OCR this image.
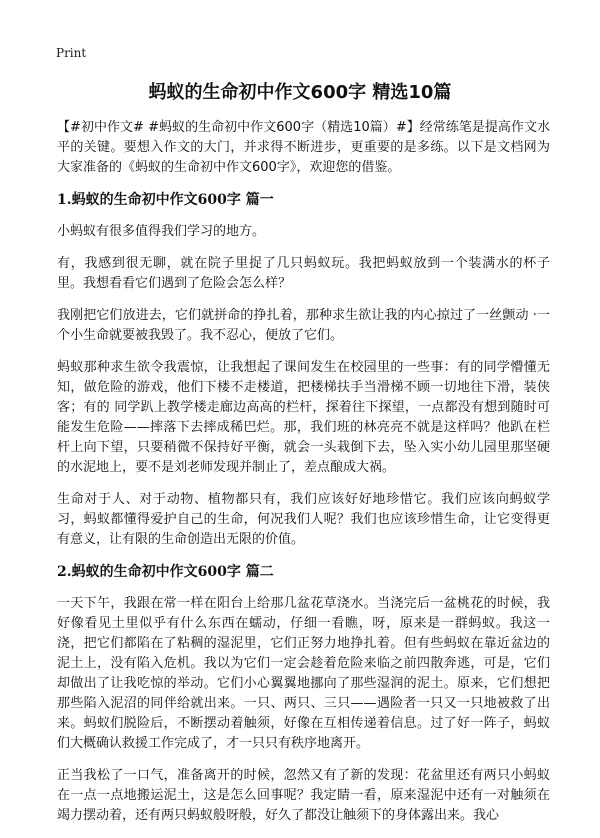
Print
蚂蚁的生命初中作文600字 精选10篇

【#初中作文# #蚂蚁的生命初中作文600字（精选10篇）#】经常练笔是提高作文水平的关键。要想入作文的大门，并求得不断进步，更重要的是多练。以下是文档网为大家准备的《蚂蚁的生命初中作文600字》，欢迎您的借鉴。

1.蚂蚁的生命初中作文600字 篇一

小蚂蚁有很多值得我们学习的地方。

有，我感到很无聊，就在院子里捉了几只蚂蚁玩。我把蚂蚁放到一个装满水的杯子里。我想看看它们遇到了危险会怎么样？

我刚把它们放进去，它们就拼命的挣扎着，那种求生欲让我的内心掠过了一丝颤动 ·一个小生命就要被我毁了。我不忍心，便放了它们。

蚂蚁那种求生欲令我震惊，让我想起了课间发生在校园里的一些事：有的同学懵懂无知，做危险的游戏，他们下楼不走楼道，把楼梯扶手当滑梯不顾一切地往下滑，装侠客；有的 同学趴上教学楼走廊边高高的栏杆，探着往下探望，一点都没有想到随时可能发生危险——摔落下去摔成稀巴烂。那，我们班的林亮亮不就是这样吗？他趴在栏杆上向下望，只要稍微不保持好平衡，就会一头栽倒下去，坠入实小幼儿园里那坚硬的水泥地上，要不是刘老师发现并制止了，差点酿成大祸。

生命对于人、对于动物、植物都只有，我们应该好好地珍惜它。我们应该向蚂蚁学习，蚂蚁都懂得爱护自己的生命，何况我们人呢？我们也应该珍惜生命，让它变得更有意义，让有限的生命创造出无限的价值。

2.蚂蚁的生命初中作文600字 篇二

一天下午，我跟在常一样在阳台上给那几盆花草浇水。当浇完后一盆桃花的时候，我好像看见土里似乎有什么东西在蠕动，仔细一看瞧，呀，原来是一群蚂蚁。我这一浇，把它们都陷在了粘稠的湿泥里，它们正努力地挣扎着。但有些蚂蚁在靠近盆边的泥土上，没有陷入危机。我以为它们一定会趁着危险来临之前四散奔逃，可是，它们却做出了让我吃惊的举动。它们小心翼翼地挪向了那些湿润的泥土。原来，它们想把那些陷入泥沼的同伴给就出来。一只、两只、三只——遇险者一只又一只地被救了出来。蚂蚁们脱险后，不断摆动着触须，好像在互相传递着信息。过了好一阵子，蚂蚁们大概确认救援工作完成了，才一只只有秩序地离开。

正当我松了一口气，准备离开的时候，忽然又有了新的发现：花盆里还有两只小蚂蚁在一点一点地搬运泥土，这是怎么回事呢？我定睛一看，原来湿泥中还有一对触须在竭力摆动着，还有两只蚂蚁般呀般，好久了都没让触须下的身体露出来。我心
